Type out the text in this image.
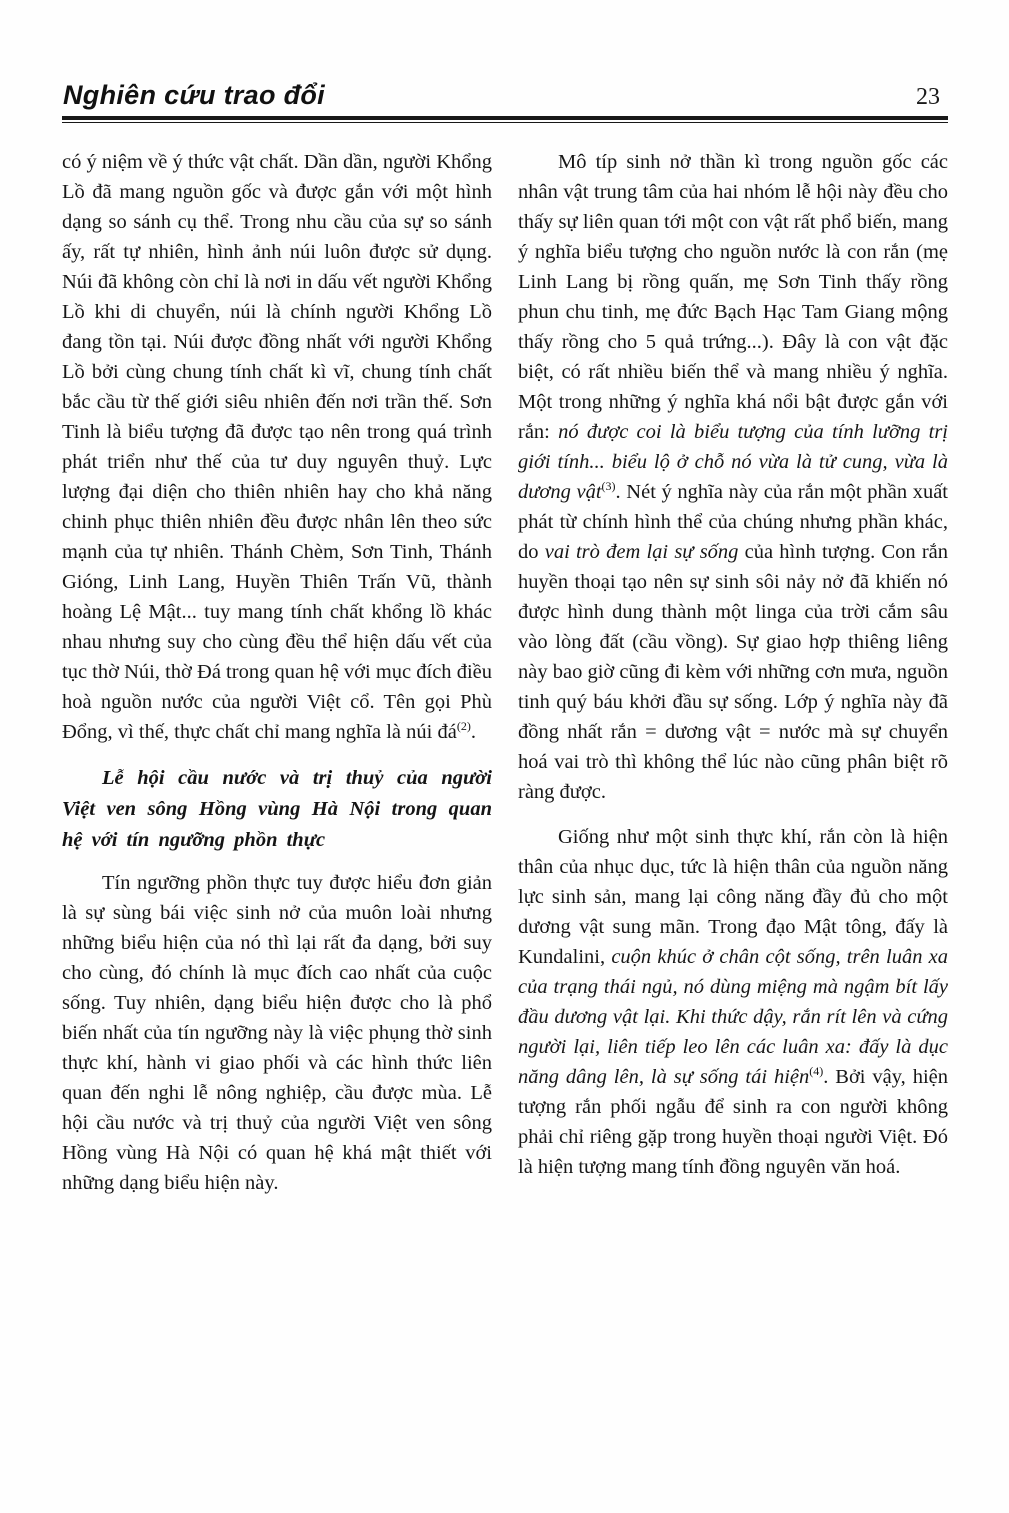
Nghiên cứu trao đổi	23

có ý niệm về ý thức vật chất. Dần dần, người Khổng Lồ đã mang nguồn gốc và được gắn với một hình dạng so sánh cụ thể. Trong nhu cầu của sự so sánh ấy, rất tự nhiên, hình ảnh núi luôn được sử dụng. Núi đã không còn chỉ là nơi in dấu vết người Khổng Lồ khi di chuyển, núi là chính người Khổng Lồ đang tồn tại. Núi được đồng nhất với người Khổng Lồ bởi cùng chung tính chất kì vĩ, chung tính chất bắc cầu từ thế giới siêu nhiên đến nơi trần thế. Sơn Tinh là biểu tượng đã được tạo nên trong quá trình phát triển như thế của tư duy nguyên thuỷ. Lực lượng đại diện cho thiên nhiên hay cho khả năng chinh phục thiên nhiên đều được nhân lên theo sức mạnh của tự nhiên. Thánh Chèm, Sơn Tinh, Thánh Gióng, Linh Lang, Huyền Thiên Trấn Vũ, thành hoàng Lệ Mật... tuy mang tính chất khổng lồ khác nhau nhưng suy cho cùng đều thể hiện dấu vết của tục thờ Núi, thờ Đá trong quan hệ với mục đích điều hoà nguồn nước của người Việt cổ. Tên gọi Phù Đổng, vì thế, thực chất chỉ mang nghĩa là núi đá$^{(2)}$.

Lễ hội cầu nước và trị thuỷ của người Việt ven sông Hồng vùng Hà Nội trong quan hệ với tín ngưỡng phồn thực

Tín ngưỡng phồn thực tuy được hiểu đơn giản là sự sùng bái việc sinh nở của muôn loài nhưng những biểu hiện của nó thì lại rất đa dạng, bởi suy cho cùng, đó chính là mục đích cao nhất của cuộc sống. Tuy nhiên, dạng biểu hiện được cho là phổ biến nhất của tín ngưỡng này là việc phụng thờ sinh thực khí, hành vi giao phối và các hình thức liên quan đến nghi lễ nông nghiệp, cầu được mùa. Lễ hội cầu nước và trị thuỷ của người Việt ven sông Hồng vùng Hà Nội có quan hệ khá mật thiết với những dạng biểu hiện này.

Mô típ sinh nở thần kì trong nguồn gốc các nhân vật trung tâm của hai nhóm lễ hội này đều cho thấy sự liên quan tới một con vật rất phổ biến, mang ý nghĩa biểu tượng cho nguồn nước là con rắn (mẹ Linh Lang bị rồng quấn, mẹ Sơn Tinh thấy rồng phun chu tinh, mẹ đức Bạch Hạc Tam Giang mộng thấy rồng cho 5 quả trứng...). Đây là con vật đặc biệt, có rất nhiều biến thể và mang nhiều ý nghĩa. Một trong những ý nghĩa khá nổi bật được gắn với rắn: nó được coi là biểu tượng của tính lưỡng trị giới tính... biểu lộ ở chỗ nó vừa là tử cung, vừa là dương vật$^{(3)}$. Nét ý nghĩa này của rắn một phần xuất phát từ chính hình thể của chúng nhưng phần khác, do vai trò đem lại sự sống của hình tượng. Con rắn huyền thoại tạo nên sự sinh sôi nảy nở đã khiến nó được hình dung thành một linga của trời cắm sâu vào lòng đất (cầu vồng). Sự giao hợp thiêng liêng này bao giờ cũng đi kèm với những cơn mưa, nguồn tinh quý báu khởi đầu sự sống. Lớp ý nghĩa này đã đồng nhất rắn = dương vật = nước mà sự chuyển hoá vai trò thì không thể lúc nào cũng phân biệt rõ ràng được.

Giống như một sinh thực khí, rắn còn là hiện thân của nhục dục, tức là hiện thân của nguồn năng lực sinh sản, mang lại công năng đầy đủ cho một dương vật sung mãn. Trong đạo Mật tông, đấy là Kundalini, cuộn khúc ở chân cột sống, trên luân xa của trạng thái ngủ, nó dùng miệng mà ngậm bít lấy đầu dương vật lại. Khi thức dậy, rắn rít lên và cứng người lại, liên tiếp leo lên các luân xa: đấy là dục năng dâng lên, là sự sống tái hiện$^{(4)}$. Bởi vậy, hiện tượng rắn phối ngẫu để sinh ra con người không phải chỉ riêng gặp trong huyền thoại người Việt. Đó là hiện tượng mang tính đồng nguyên văn hoá.
